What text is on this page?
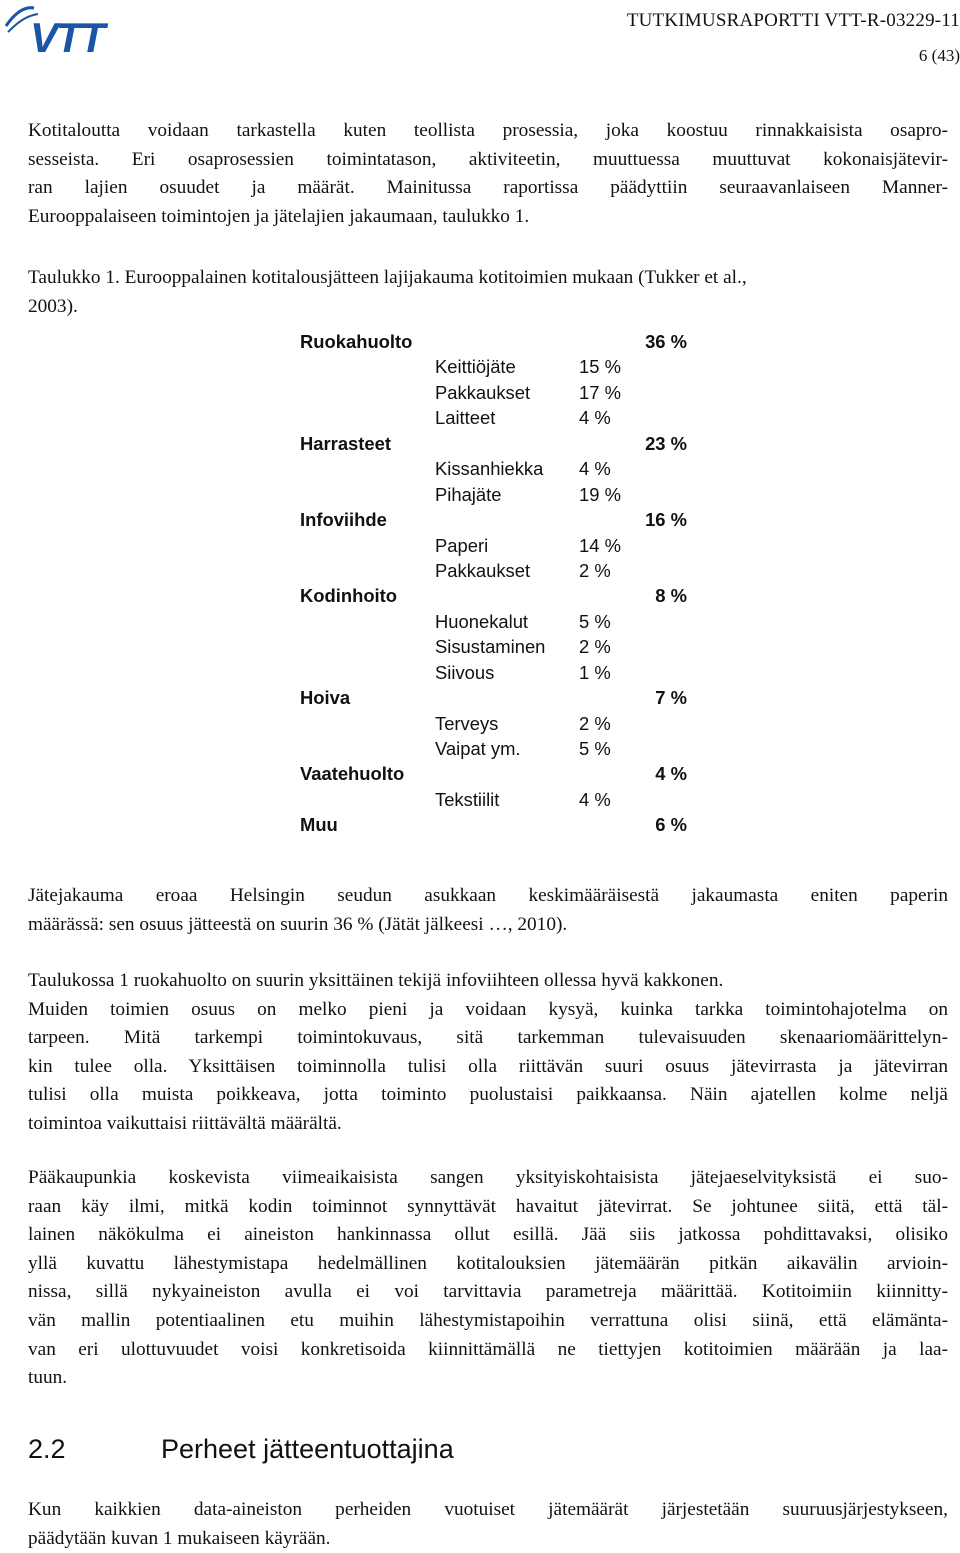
VTT	TUTKIMUSRAPORTTI VTT-R-03229-11
6 (43)

Kotitaloutta voidaan tarkastella kuten teollista prosessia, joka koostuu rinnakkaisista osapro-
sesseista. Eri osaprosessien toimintatason, aktiviteetin, muuttuessa muuttuvat kokonaisjätevir-
ran lajien osuudet ja määrät. Mainitussa raportissa päädyttiin seuraavanlaiseen Manner-
Eurooppalaiseen toimintojen ja jätelajien jakaumaan, taulukko 1.

Taulukko 1. Eurooppalainen kotitalousjätteen lajijakauma kotitoimien mukaan (Tukker et al.,
2003).
Ruokahuolto	36 %
Keittiöjäte	15 %
Pakkaukset	17 %
Laitteet	4 %
Harrasteet	23 %
Kissanhiekka 4 %
Pihajäte	19 %
Infoviihde	16 %
Paperi	14 %
Pakkaukset	2 %
Kodinhoito	8 %
Huonekalut	5 %
Sisustaminen 2 %
Siivous	1 %
Hoiva	7 %
Terveys	2 %
Vaipat ym.	5 %
Vaatehuolto	4 %
Tekstiilit	4 %
Muu	6 %

Jätejakauma eroaa Helsingin seudun asukkaan keskimääräisestä jakaumasta eniten paperin
määrässä: sen osuus jätteestä on suurin 36 % (Jätät jälkeesi …, 2010).

Taulukossa 1 ruokahuolto on suurin yksittäinen tekijä infoviihteen ollessa hyvä kakkonen.
Muiden toimien osuus on melko pieni ja voidaan kysyä, kuinka tarkka toimintohajotelma on
tarpeen. Mitä tarkempi toimintokuvaus, sitä tarkemman tulevaisuuden skenaariomäärittelyn-
kin tulee olla. Yksittäisen toiminnolla tulisi olla riittävän suuri osuus jätevirrasta ja jätevirran
tulisi olla muista poikkeava, jotta toiminto puolustaisi paikkaansa. Näin ajatellen kolme neljä
toimintoa vaikuttaisi riittävältä määrältä.

Pääkaupunkia koskevista viimeaikaisista sangen yksityiskohtaisista jätejaeselvityksistä ei suo-
raan käy ilmi, mitkä kodin toiminnot synnyttävät havaitut jätevirrat. Se johtunee siitä, että täl-
lainen näkökulma ei aineiston hankinnassa ollut esillä. Jää siis jatkossa pohdittavaksi, olisiko
yllä kuvattu lähestymistapa hedelmällinen kotitalouksien jätemäärän pitkän aikavälin arvioin-
nissa, sillä nykyaineiston avulla ei voi tarvittavia parametreja määrittää. Kotitoimiin kiinnitty-
vän mallin potentiaalinen etu muihin lähestymistapoihin verrattuna olisi siinä, että elämänta-
van eri ulottuvuudet voisi konkretisoida kiinnittämällä ne tiettyjen kotitoimien määrään ja laa-
tuun.

2.2	Perheet jätteentuottajina

Kun kaikkien data-aineiston perheiden vuotuiset jätemäärät järjestetään suuruusjärjestykseen,
päädytään kuvan 1 mukaiseen käyrään.
